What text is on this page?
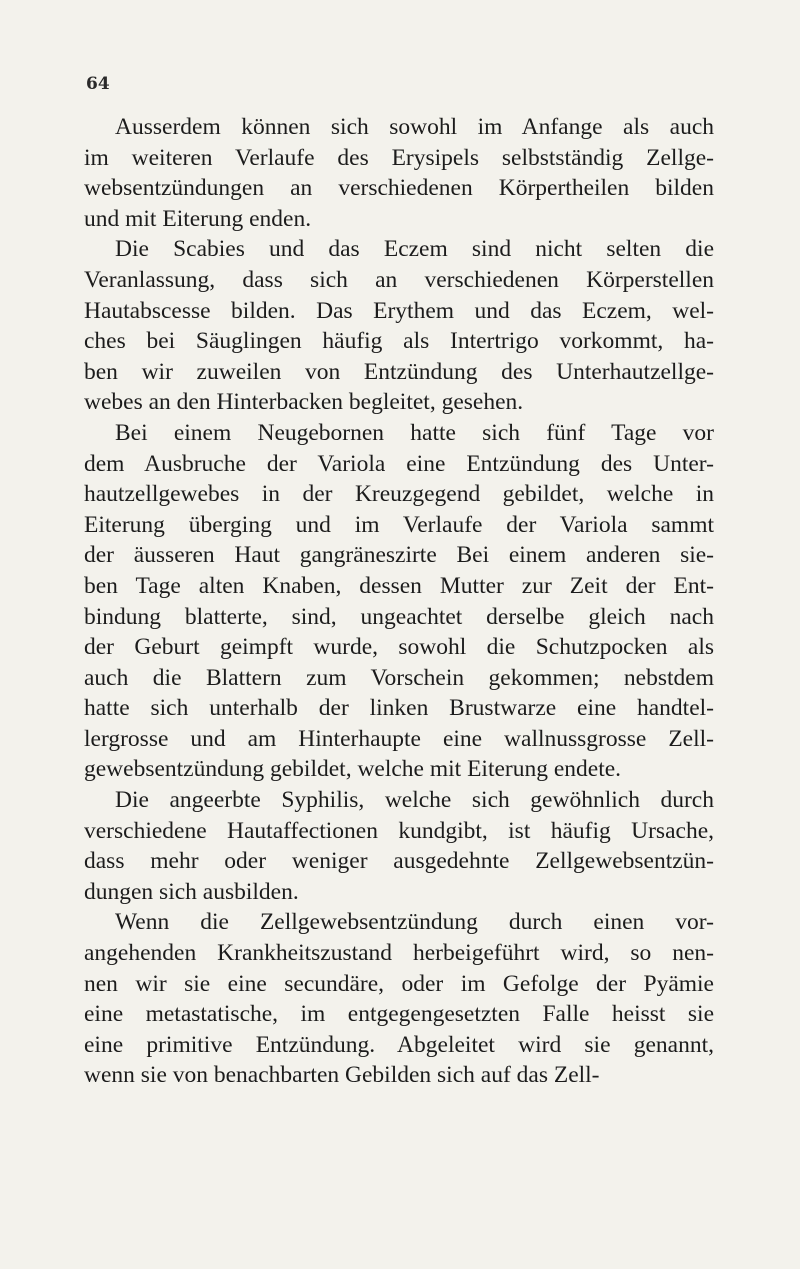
64
Ausserdem können sich sowohl im Anfange als auch
im weiteren Verlaufe des Erysipels selbstständig Zellge-
websentzündungen an verschiedenen Körpertheilen bilden
und mit Eiterung enden.
Die Scabies und das Eczem sind nicht selten die
Veranlassung, dass sich an verschiedenen Körperstellen
Hautabscesse bilden. Das Erythem und das Eczem, wel-
ches bei Säuglingen häufig als Intertrigo vorkommt, ha-
ben wir zuweilen von Entzündung des Unterhautzellge-
webes an den Hinterbacken begleitet, gesehen.
Bei einem Neugebornen hatte sich fünf Tage vor
dem Ausbruche der Variola eine Entzündung des Unter-
hautzellgewebes in der Kreuzgegend gebildet, welche in
Eiterung überging und im Verlaufe der Variola sammt
der äusseren Haut gangräneszirte Bei einem anderen sie-
ben Tage alten Knaben, dessen Mutter zur Zeit der Ent-
bindung blatterte, sind, ungeachtet derselbe gleich nach
der Geburt geimpft wurde, sowohl die Schutzpocken als
auch die Blattern zum Vorschein gekommen; nebstdem
hatte sich unterhalb der linken Brustwarze eine handtel-
lergrosse und am Hinterhaupte eine wallnussgrosse Zell-
gewebsentzündung gebildet, welche mit Eiterung endete.
Die angeerbte Syphilis, welche sich gewöhnlich durch
verschiedene Hautaffectionen kundgibt, ist häufig Ursache,
dass mehr oder weniger ausgedehnte Zellgewebsentzün-
dungen sich ausbilden.
Wenn die Zellgewebsentzündung durch einen vor-
angehenden Krankheitszustand herbeigeführt wird, so nen-
nen wir sie eine secundäre, oder im Gefolge der Pyämie
eine metastatische, im entgegengesetzten Falle heisst sie
eine primitive Entzündung. Abgeleitet wird sie genannt,
wenn sie von benachbarten Gebilden sich auf das Zell-
